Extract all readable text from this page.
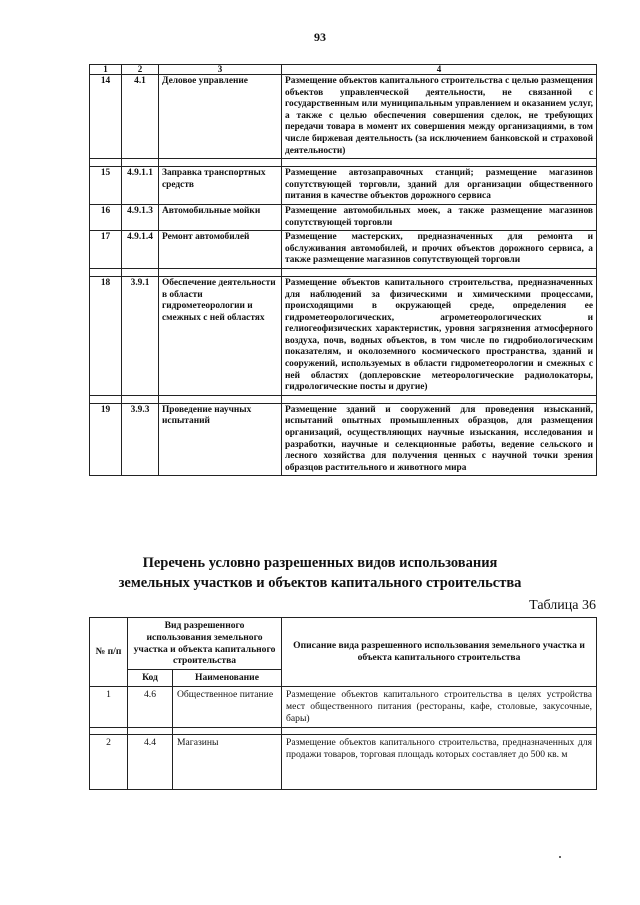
93
1	2	3	4
14	4.1	Деловое управление	Размещение объектов капитального строительства с целью размещения объектов управленческой деятельности, не связанной с государственным или муниципальным управлением и оказанием услуг, а также с целью обеспечения совершения сделок, не требующих передачи товара в момент их совершения между организациями, в том числе биржевая деятельность (за исключением банковской и страховой деятельности)

15	4.9.1.1	Заправка транспортных средств	Размещение автозаправочных станций; размещение магазинов сопутствующей торговли, зданий для организации общественного питания в качестве объектов дорожного сервиса
16	4.9.1.3	Автомобильные мойки	Размещение автомобильных моек, а также размещение магазинов сопутствующей торговли
17	4.9.1.4	Ремонт автомобилей	Размещение мастерских, предназначенных для ремонта и обслуживания автомобилей, и прочих объектов дорожного сервиса, а также размещение магазинов сопутствующей торговли

18	3.9.1	Обеспечение деятельности в области гидрометеорологии и смежных с ней областях	Размещение объектов капитального строительства, предназначенных для наблюдений за физическими и химическими процессами, происходящими в окружающей среде, определения ее гидрометеорологических, агрометеорологических и гелиогеофизических характеристик, уровня загрязнения атмосферного воздуха, почв, водных объектов, в том числе по гидробиологическим показателям, и околоземного космического пространства, зданий и сооружений, используемых в области гидрометеорологии и смежных с ней областях (доплеровские метеорологические радиолокаторы, гидрологические посты и другие)

19	3.9.3	Проведение научных испытаний	Размещение зданий и сооружений для проведения изысканий, испытаний опытных промышленных образцов, для размещения организаций, осуществляющих научные изыскания, исследования и разработки, научные и селекционные работы, ведение сельского и лесного хозяйства для получения ценных с научной точки зрения образцов растительного и животного мира
Перечень условно разрешенных видов использования
земельных участков и объектов капитального строительства
Таблица 36
№ п/п	Вид разрешенного использования земельного участка и объекта капитального строительства		Описание вида разрешенного использования земельного участка и объекта капитального строительства
	Код	Наименование	
1	4.6	Общественное питание	Размещение объектов капитального строительства в целях устройства мест общественного питания (рестораны, кафе, столовые, закусочные, бары)

2	4.4	Магазины	Размещение объектов капитального строительства, предназначенных для продажи товаров, торговая площадь которых составляет до 500 кв. м
